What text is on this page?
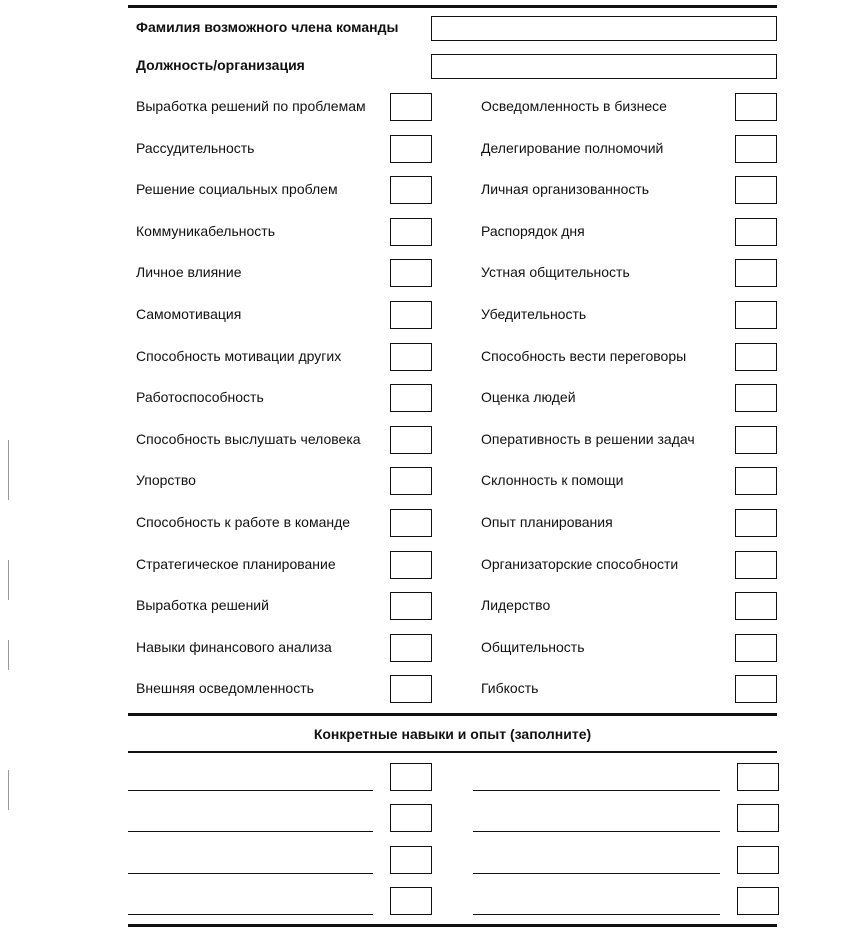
Фамилия возможного члена команды
Должность/организация
Выработка решений по проблемам
Рассудительность
Решение социальных проблем
Коммуникабельность
Личное влияние
Самомотивация
Способность мотивации других
Работоспособность
Способность выслушать человека
Упорство
Способность к работе в команде
Стратегическое планирование
Выработка решений
Навыки финансового анализа
Внешняя осведомленность
Осведомленность в бизнесе
Делегирование полномочий
Личная организованность
Распорядок дня
Устная общительность
Убедительность
Способность вести переговоры
Оценка людей
Оперативность в решении задач
Склонность к помощи
Опыт планирования
Организаторские способности
Лидерство
Общительность
Гибкость
Конкретные навыки и опыт (заполните)
